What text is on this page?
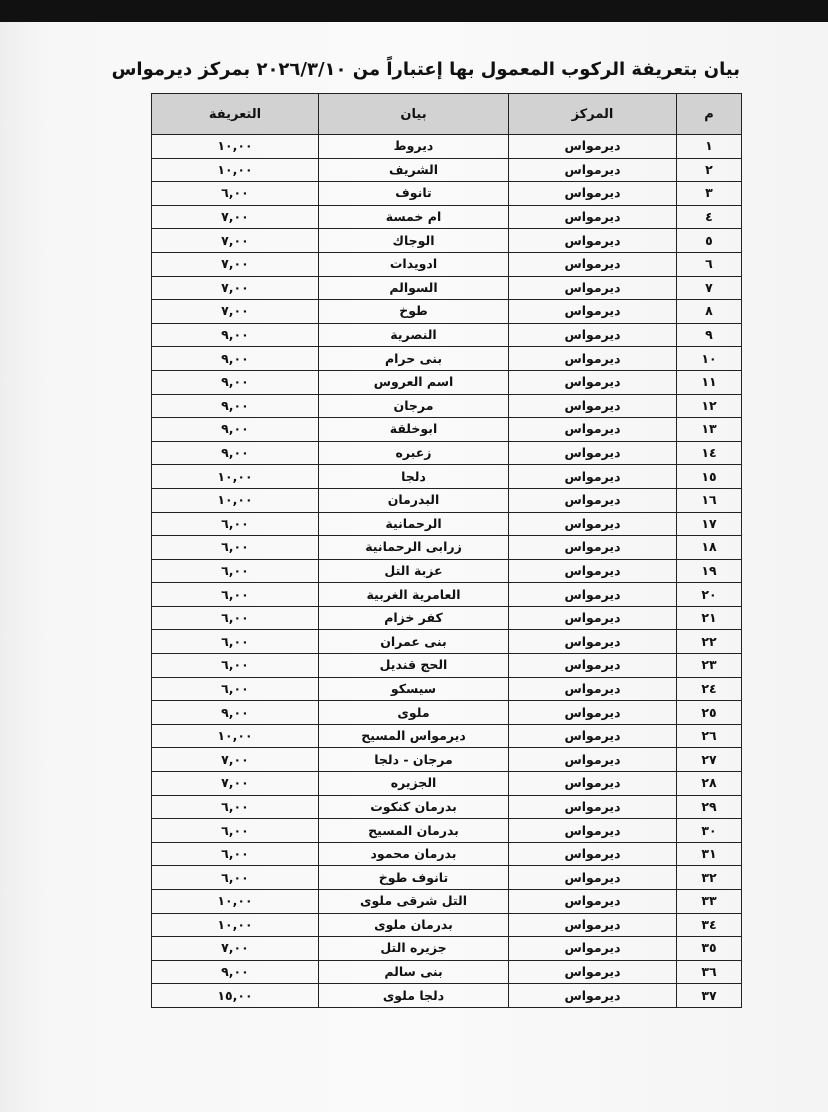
بيان بتعريفة الركوب المعمول بها إعتباراً من ٢٠٢٦/٣/١٠ بمركز ديرمواس
م	المركز	بيان	التعريفة
١	ديرمواس	ديروط	١٠,٠٠
٢	ديرمواس	الشريف	١٠,٠٠
٣	ديرمواس	تانوف	٦,٠٠
٤	ديرمواس	ام خمسة	٧,٠٠
٥	ديرمواس	الوجاك	٧,٠٠
٦	ديرمواس	ادويدات	٧,٠٠
٧	ديرمواس	السوالم	٧,٠٠
٨	ديرمواس	طوخ	٧,٠٠
٩	ديرمواس	النصرية	٩,٠٠
١٠	ديرمواس	بنى حرام	٩,٠٠
١١	ديرمواس	اسم العروس	٩,٠٠
١٢	ديرمواس	مرجان	٩,٠٠
١٣	ديرمواس	ابوخلقة	٩,٠٠
١٤	ديرمواس	زعبره	٩,٠٠
١٥	ديرمواس	دلجا	١٠,٠٠
١٦	ديرمواس	البدرمان	١٠,٠٠
١٧	ديرمواس	الرحمانية	٦,٠٠
١٨	ديرمواس	زرابى الرحمانية	٦,٠٠
١٩	ديرمواس	عزبة التل	٦,٠٠
٢٠	ديرمواس	العامرية الغربية	٦,٠٠
٢١	ديرمواس	كفر خزام	٦,٠٠
٢٢	ديرمواس	بنى عمران	٦,٠٠
٢٣	ديرمواس	الحج قنديل	٦,٠٠
٢٤	ديرمواس	سيسكو	٦,٠٠
٢٥	ديرمواس	ملوى	٩,٠٠
٢٦	ديرمواس	ديرمواس المسيح	١٠,٠٠
٢٧	ديرمواس	مرجان - دلجا	٧,٠٠
٢٨	ديرمواس	الجزيره	٧,٠٠
٢٩	ديرمواس	بدرمان كنكوت	٦,٠٠
٣٠	ديرمواس	بدرمان المسيح	٦,٠٠
٣١	ديرمواس	بدرمان محمود	٦,٠٠
٣٢	ديرمواس	تانوف طوخ	٦,٠٠
٣٣	ديرمواس	التل شرقى ملوى	١٠,٠٠
٣٤	ديرمواس	بدرمان ملوى	١٠,٠٠
٣٥	ديرمواس	جزيره التل	٧,٠٠
٣٦	ديرمواس	بنى سالم	٩,٠٠
٣٧	ديرمواس	دلجا ملوى	١٥,٠٠
